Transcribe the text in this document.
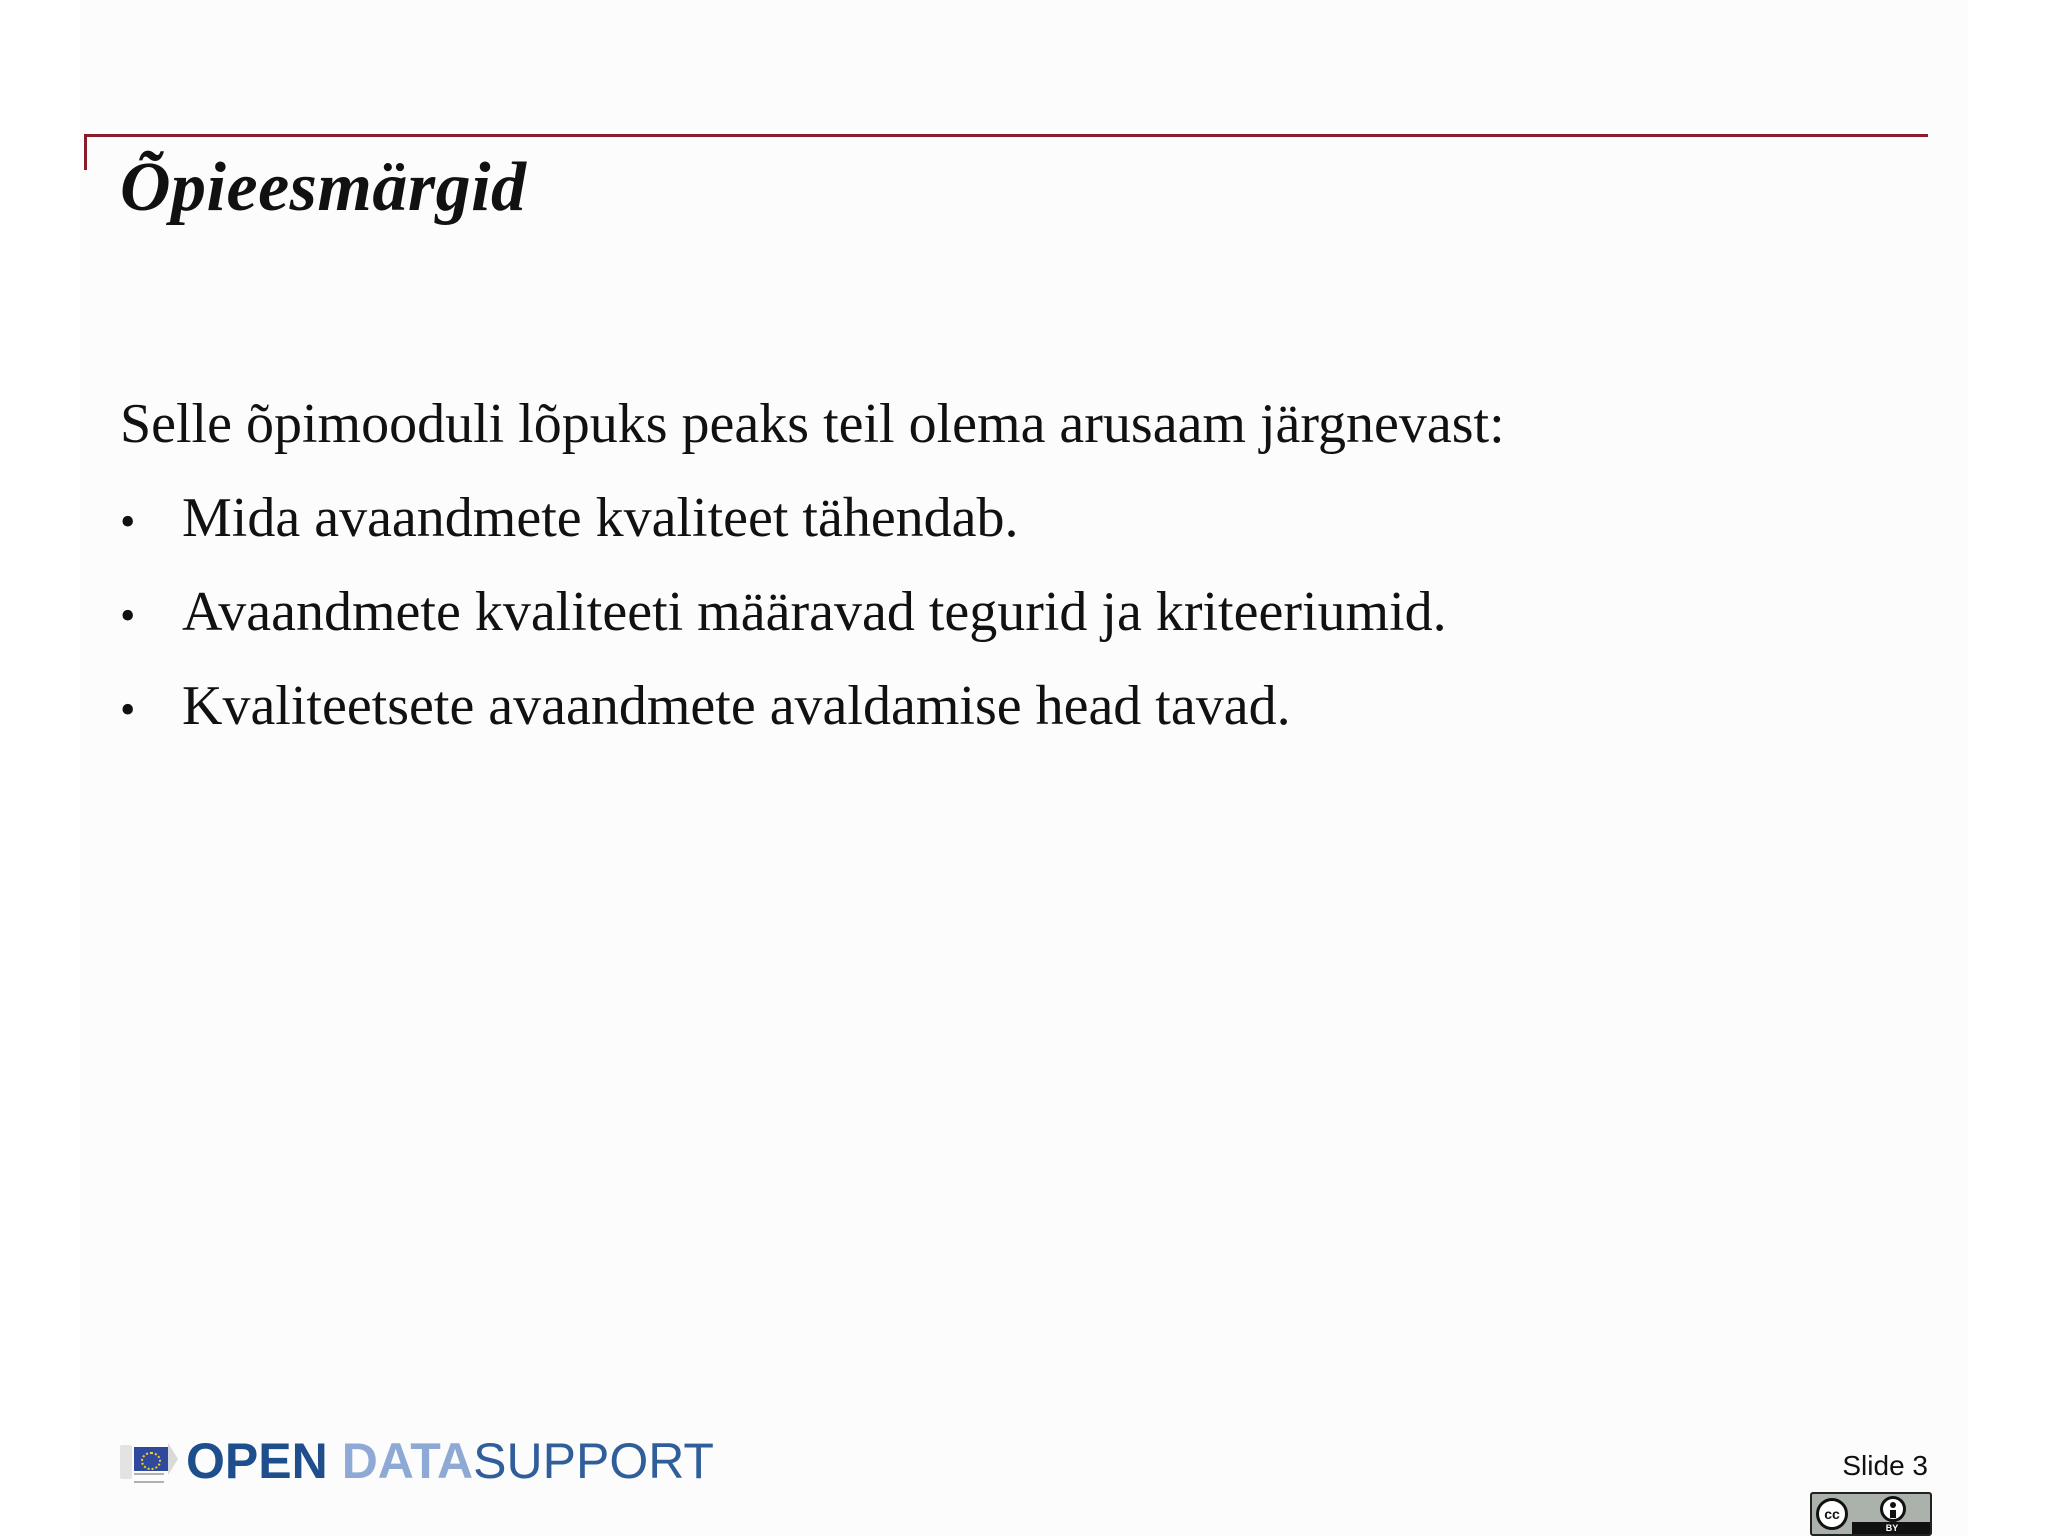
Õpieesmärgid

Selle õpimooduli lõpuks peaks teil olema arusaam järgnevast:

• Mida avaandmete kvaliteet tähendab.
• Avaandmete kvaliteeti määravad tegurid ja kriteeriumid.
• Kvaliteetsete avaandmete avaldamise head tavad.
OPEN DATASUPPORT	Slide 3
cc
BY
